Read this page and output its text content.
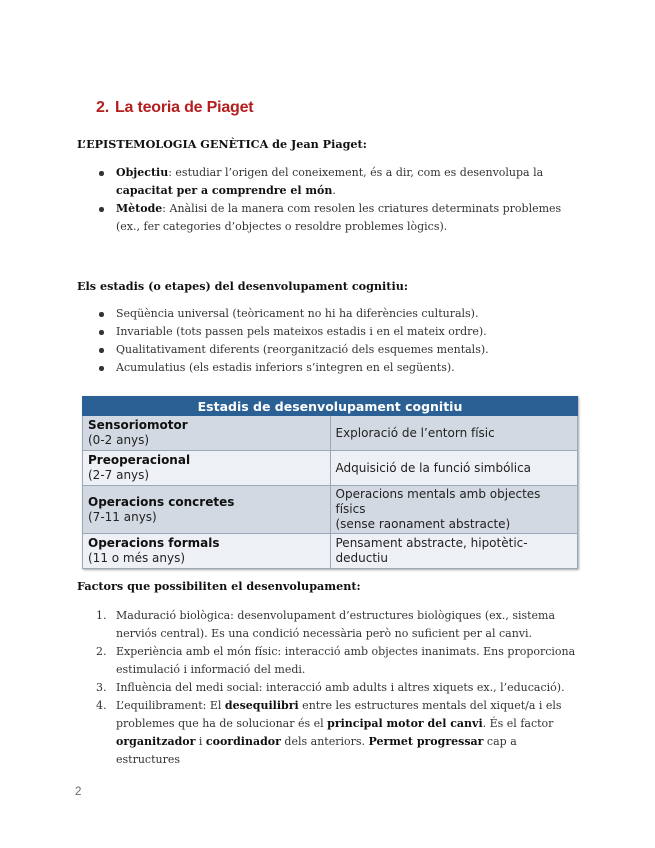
2. La teoria de Piaget

L’EPISTEMOLOGIA GENÈTICA de Jean Piaget:

Objectiu: estudiar l’origen del coneixement, és a dir, com es desenvolupa la capacitat per a comprendre el món.
Mètode: Anàlisi de la manera com resolen les criatures determinats problemes (ex., fer categories d’objectes o resoldre problemes lògics).

Els estadis (o etapes) del desenvolupament cognitiu:

Seqüència universal (teòricament no hi ha diferències culturals).
Invariable (tots passen pels mateixos estadis i en el mateix ordre).
Qualitativament diferents (reorganització dels esquemes mentals).
Acumulatius (els estadis inferiors s’integren en el següents).
Estadis de desenvolupament cognitiu	

Sensoriomotor
(0-2 anys)	Exploració de l’entorn físic

Preoperacional
(2-7 anys)	Adquisició de la funció simbólica

Operacions concretes
(7-11 anys)	Operacions mentals amb objectes físics
(sense raonament abstracte)

Operacions formals
(11 o més anys)	Pensament abstracte, hipotètic-deductiu

Factors que possibiliten el desenvolupament:

1. Maduració biològica: desenvolupament d’estructures biològiques (ex., sistema nerviós central). Es una condició necessària però no suficient per al canvi.
2. Experiència amb el món físic: interacció amb objectes inanimats. Ens proporciona estimulació i informació del medi.
3. Influència del medi social: interacció amb adults i altres xiquets ex., l’educació).
4. L’equilibrament: El desequilibri entre les estructures mentals del xiquet/a i els problemes que ha de solucionar és el principal motor del canvi. És el factor organitzador i coordinador dels anteriors. Permet progressar cap a estructures
2
